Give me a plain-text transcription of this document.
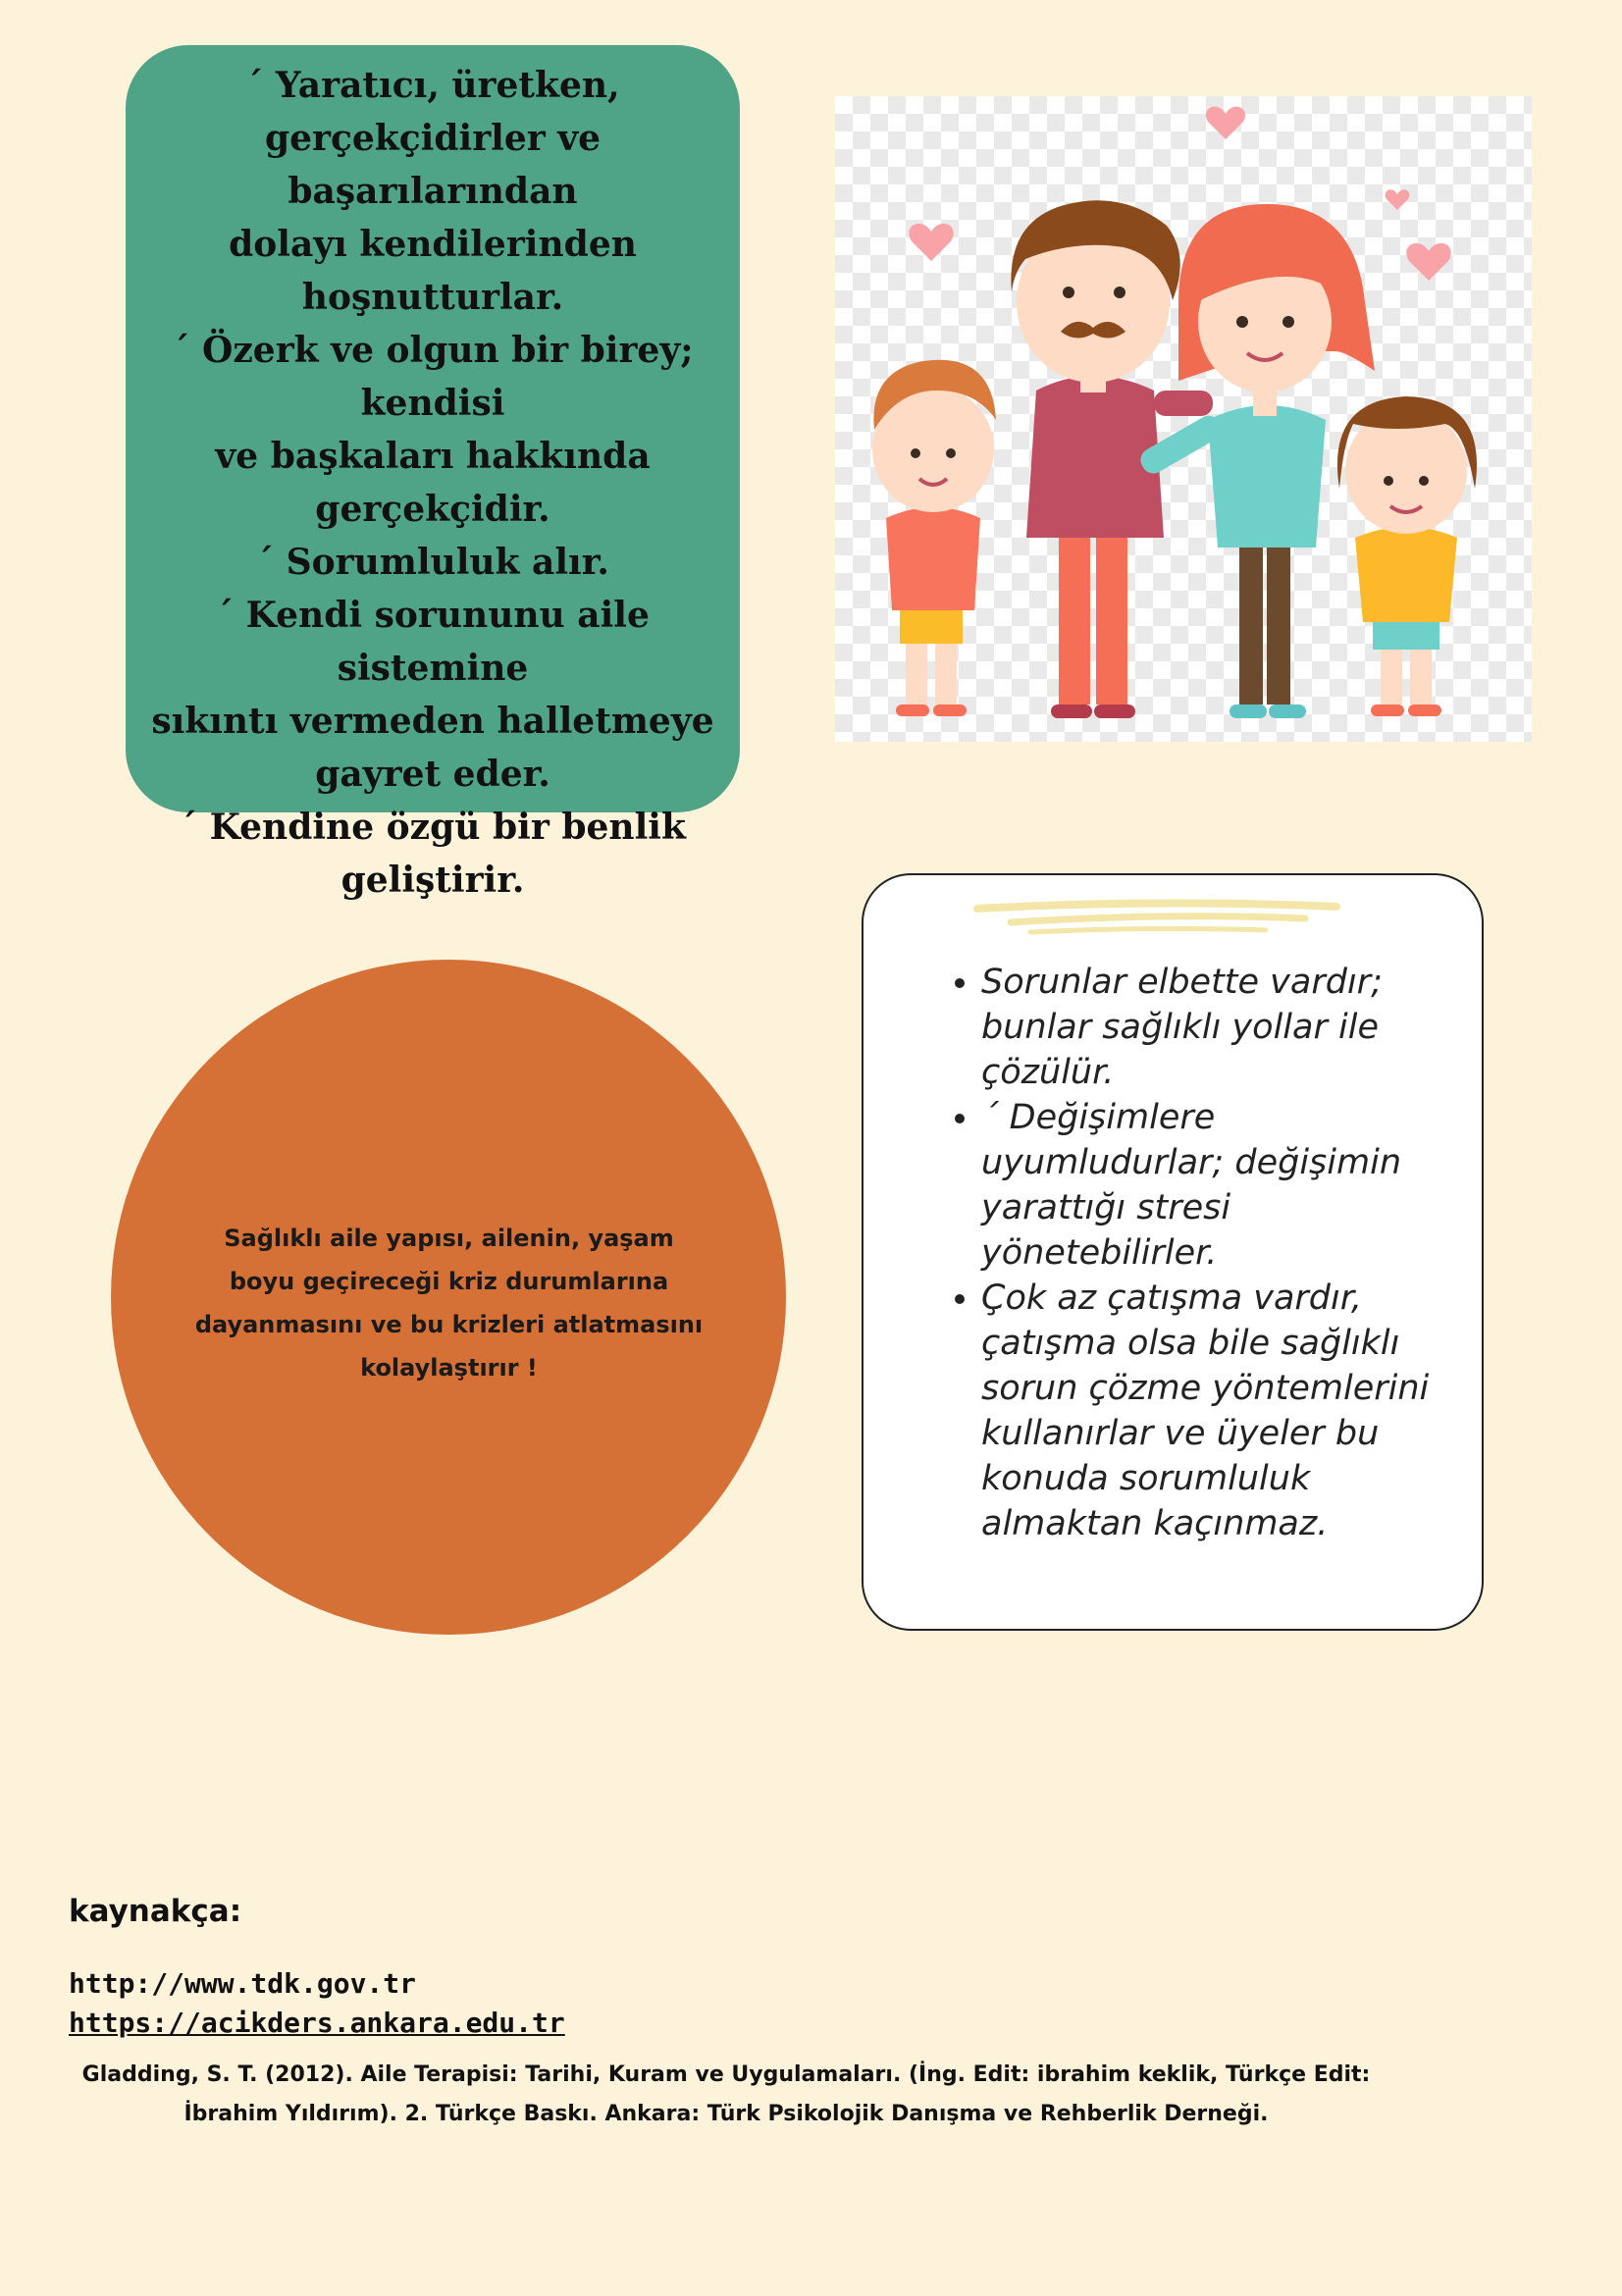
´ Yaratıcı, üretken,

gerçekçidirler ve başarılarından

dolayı kendilerinden

hoşnutturlar.

´ Özerk ve olgun bir birey; kendisi

ve başkaları hakkında

gerçekçidir.

´ Sorumluluk alır.

´ Kendi sorununu aile sistemine

sıkıntı vermeden halletmeye

gayret eder.

´ Kendine özgü bir benlik

geliştirir.

Sağlıklı aile yapısı, ailenin, yaşam boyu geçireceği kriz durumlarına dayanmasını ve bu krizleri atlatmasını kolaylaştırır !

• Sorunlar elbette vardır; bunlar sağlıklı yollar ile çözülür.
• ´ Değişimlere uyumludurlar; değişimin yarattığı stresi yönetebilirler.
• Çok az çatışma vardır, çatışma olsa bile sağlıklı sorun çözme yöntemlerini kullanırlar ve üyeler bu konuda sorumluluk almaktan kaçınmaz.

kaynakça:

http://www.tdk.gov.tr
https://acikders.ankara.edu.tr

Gladding, S. T. (2012). Aile Terapisi: Tarihi, Kuram ve Uygulamaları. (İng. Edit: ibrahim keklik, Türkçe Edit: İbrahim Yıldırım). 2. Türkçe Baskı. Ankara: Türk Psikolojik Danışma ve Rehberlik Derneği.
